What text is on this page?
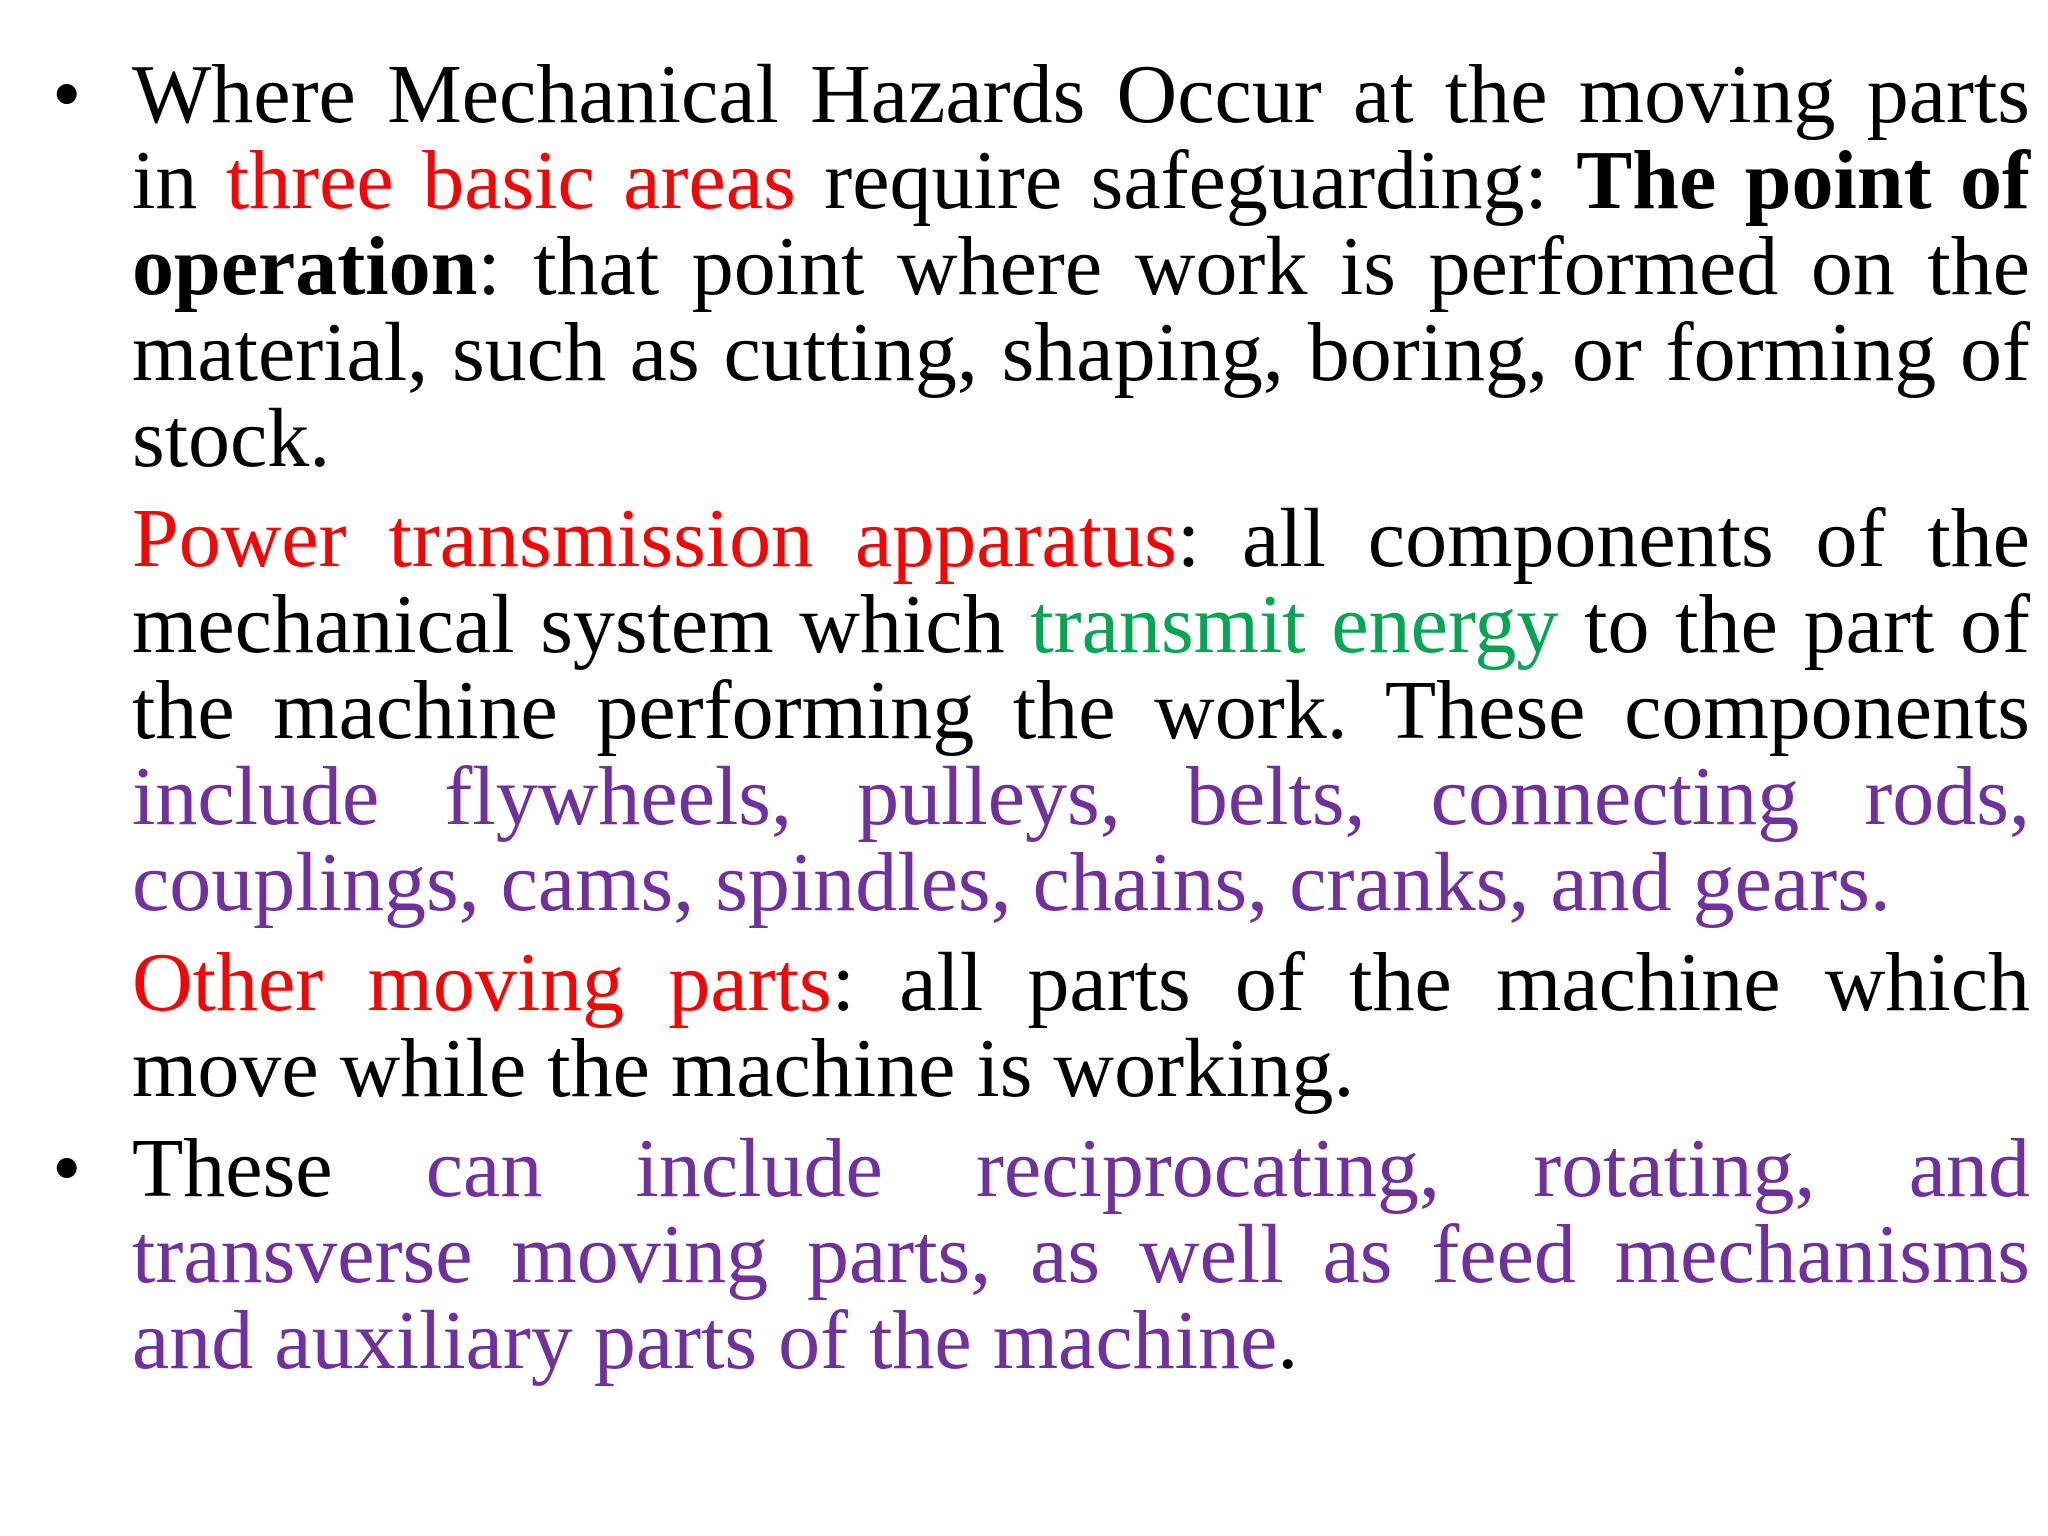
• Where Mechanical Hazards Occur at the moving parts in three basic areas require safeguarding: The point of operation: that point where work is performed on the material, such as cutting, shaping, boring, or forming of stock.
Power transmission apparatus: all components of the mechanical system which transmit energy to the part of the machine performing the work. These components include flywheels, pulleys, belts, connecting rods, couplings, cams, spindles, chains, cranks, and gears.
Other moving parts: all parts of the machine which move while the machine is working.
• These can include reciprocating, rotating, and transverse moving parts, as well as feed mechanisms and auxiliary parts of the machine.
